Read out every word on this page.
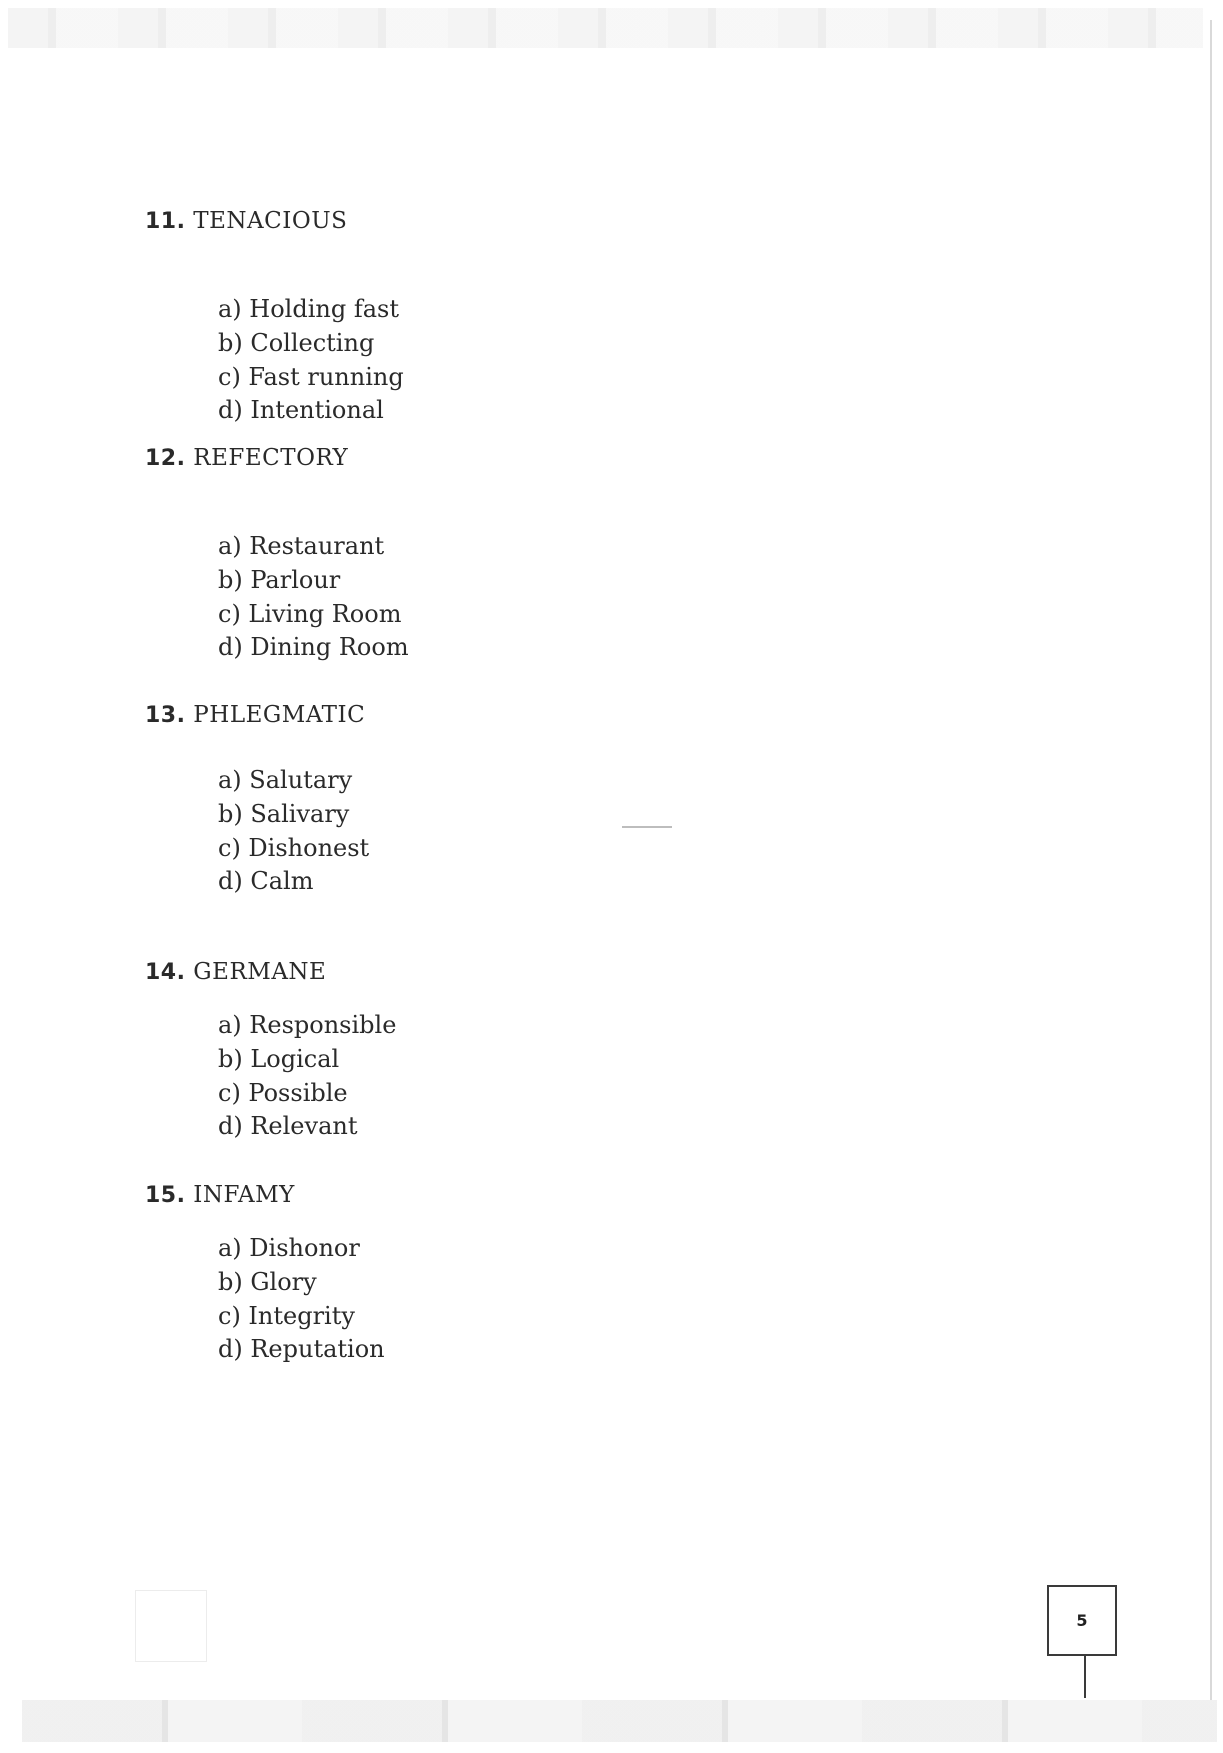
11. TENACIOUS
a) Holding fast
b) Collecting
c) Fast running
d) Intentional
12. REFECTORY
a) Restaurant
b) Parlour
c) Living Room
d) Dining Room
13. PHLEGMATIC
a) Salutary
b) Salivary
c) Dishonest
d) Calm
14. GERMANE
a) Responsible
b) Logical
c) Possible
d) Relevant
15. INFAMY
a) Dishonor
b) Glory
c) Integrity
d) Reputation
5
